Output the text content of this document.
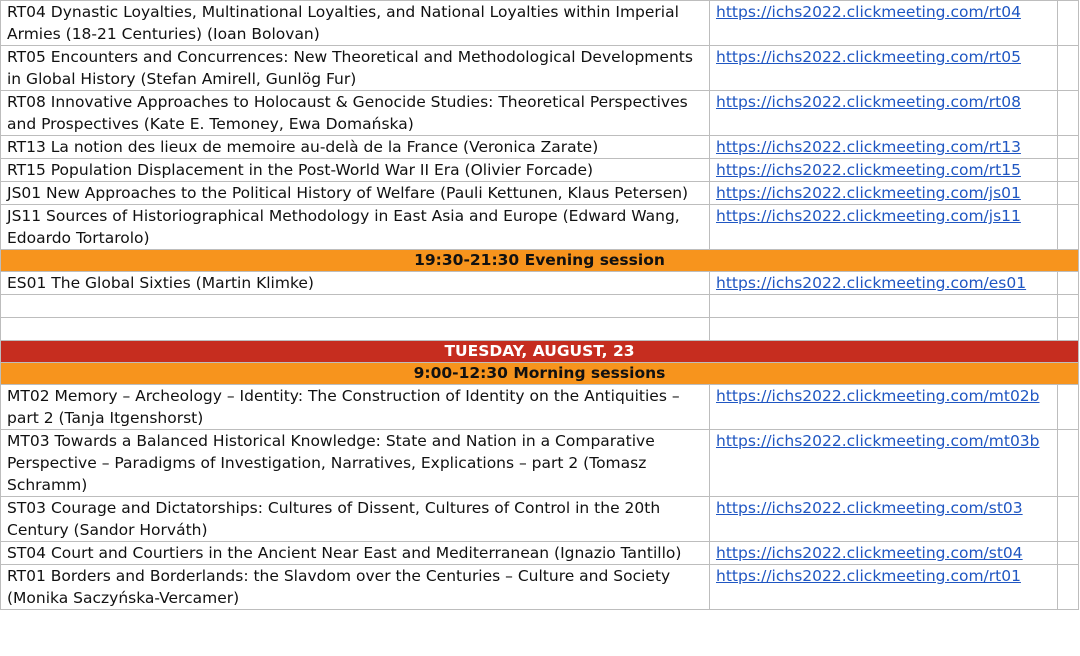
RT04 Dynastic Loyalties, Multinational Loyalties, and National Loyalties within Imperial Armies (18-21 Centuries) (Ioan Bolovan)	https://ichs2022.clickmeeting.com/rt04	
RT05 Encounters and Concurrences: New Theoretical and Methodological Developments in Global History (Stefan Amirell, Gunlög Fur)	https://ichs2022.clickmeeting.com/rt05	
RT08 Innovative Approaches to Holocaust & Genocide Studies: Theoretical Perspectives and Prospectives (Kate E. Temoney, Ewa Domańska)	https://ichs2022.clickmeeting.com/rt08	
RT13 La notion des lieux de memoire au-delà de la France (Veronica Zarate)	https://ichs2022.clickmeeting.com/rt13	
RT15 Population Displacement in the Post-World War II Era (Olivier Forcade)	https://ichs2022.clickmeeting.com/rt15	
JS01 New Approaches to the Political History of Welfare (Pauli Kettunen, Klaus Petersen)	https://ichs2022.clickmeeting.com/js01	
JS11 Sources of Historiographical Methodology in East Asia and Europe (Edward Wang, Edoardo Tortarolo)	https://ichs2022.clickmeeting.com/js11	
19:30-21:30 Evening session		
ES01 The Global Sixties (Martin Klimke)	https://ichs2022.clickmeeting.com/es01	

TUESDAY, AUGUST, 23		
9:00-12:30 Morning sessions		
MT02 Memory – Archeology – Identity: The Construction of Identity on the Antiquities – part 2 (Tanja Itgenshorst)	https://ichs2022.clickmeeting.com/mt02b	
MT03 Towards a Balanced Historical Knowledge: State and Nation in a Comparative Perspective – Paradigms of Investigation, Narratives, Explications – part 2 (Tomasz Schramm)	https://ichs2022.clickmeeting.com/mt03b	
ST03 Courage and Dictatorships: Cultures of Dissent, Cultures of Control in the 20th Century (Sandor Horváth)	https://ichs2022.clickmeeting.com/st03	
ST04 Court and Courtiers in the Ancient Near East and Mediterranean (Ignazio Tantillo)	https://ichs2022.clickmeeting.com/st04	
RT01 Borders and Borderlands: the Slavdom over the Centuries – Culture and Society (Monika Saczyńska-Vercamer)	https://ichs2022.clickmeeting.com/rt01	
